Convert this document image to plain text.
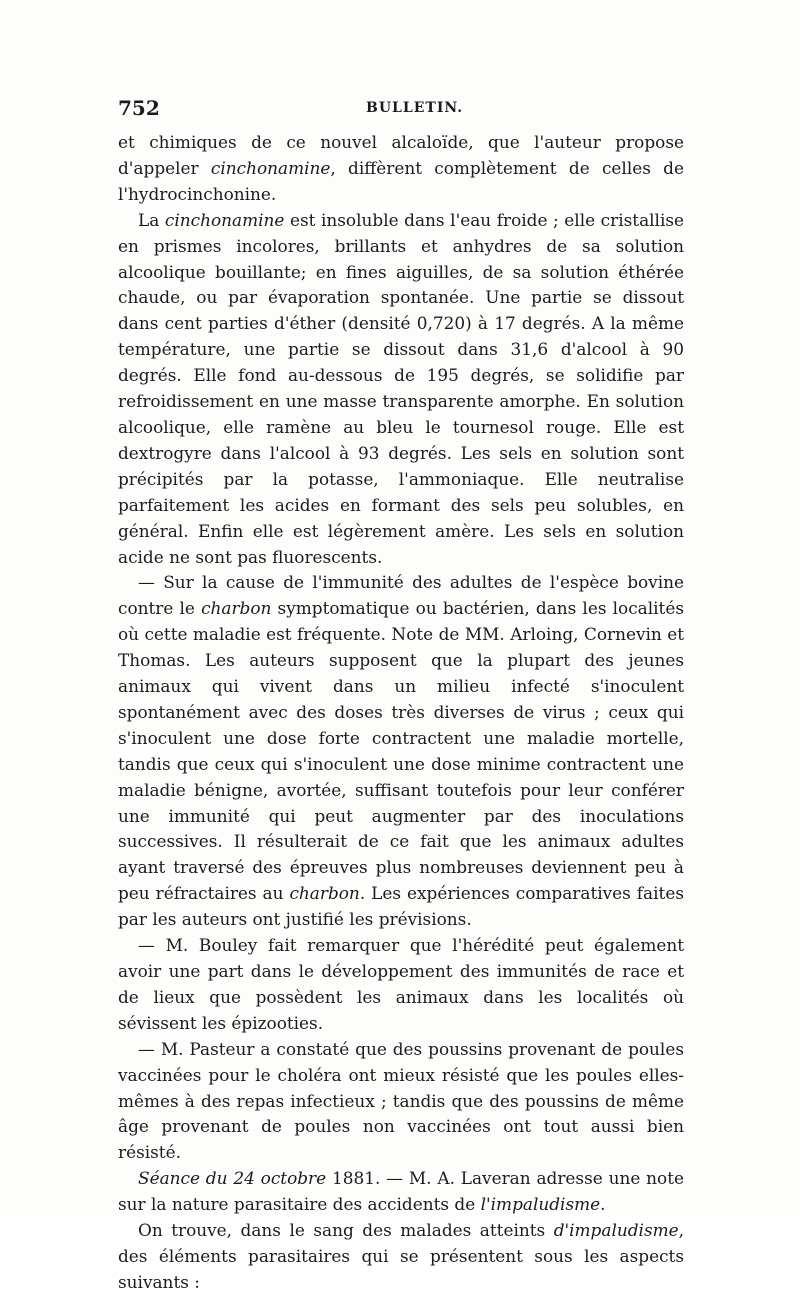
752	BULLETIN.

et chimiques de ce nouvel alcaloïde, que l'auteur propose d'appeler cinchonamine, diffèrent complètement de celles de l'hydrocinchonine.

La cinchonamine est insoluble dans l'eau froide ; elle cristallise en prismes incolores, brillants et anhydres de sa solution alcoolique bouillante; en fines aiguilles, de sa solution éthérée chaude, ou par évaporation spontanée. Une partie se dissout dans cent parties d'éther (densité 0,720) à 17 degrés. A la même température, une partie se dissout dans 31,6 d'alcool à 90 degrés. Elle fond au-dessous de 195 degrés, se solidifie par refroidissement en une masse transparente amorphe. En solution alcoolique, elle ramène au bleu le tournesol rouge. Elle est dextrogyre dans l'alcool à 93 degrés. Les sels en solution sont précipités par la potasse, l'ammoniaque. Elle neutralise parfaitement les acides en formant des sels peu solubles, en général. Enfin elle est légèrement amère. Les sels en solution acide ne sont pas fluorescents.

— Sur la cause de l'immunité des adultes de l'espèce bovine contre le charbon symptomatique ou bactérien, dans les localités où cette maladie est fréquente. Note de MM. Arloing, Cornevin et Thomas. Les auteurs supposent que la plupart des jeunes animaux qui vivent dans un milieu infecté s'inoculent spontanément avec des doses très diverses de virus ; ceux qui s'inoculent une dose forte contractent une maladie mortelle, tandis que ceux qui s'inoculent une dose minime contractent une maladie bénigne, avortée, suffisant toutefois pour leur conférer une immunité qui peut augmenter par des inoculations successives. Il résulterait de ce fait que les animaux adultes ayant traversé des épreuves plus nombreuses deviennent peu à peu réfractaires au charbon. Les expériences comparatives faites par les auteurs ont justifié les prévisions.

— M. Bouley fait remarquer que l'hérédité peut également avoir une part dans le développement des immunités de race et de lieux que possèdent les animaux dans les localités où sévissent les épizooties.

— M. Pasteur a constaté que des poussins provenant de poules vaccinées pour le choléra ont mieux résisté que les poules elles-mêmes à des repas infectieux ; tandis que des poussins de même âge provenant de poules non vaccinées ont tout aussi bien résisté.

Séance du 24 octobre 1881. — M. A. Laveran adresse une note sur la nature parasitaire des accidents de l'impaludisme.

On trouve, dans le sang des malades atteints d'impaludisme, des éléments parasitaires qui se présentent sous les aspects suivants :
